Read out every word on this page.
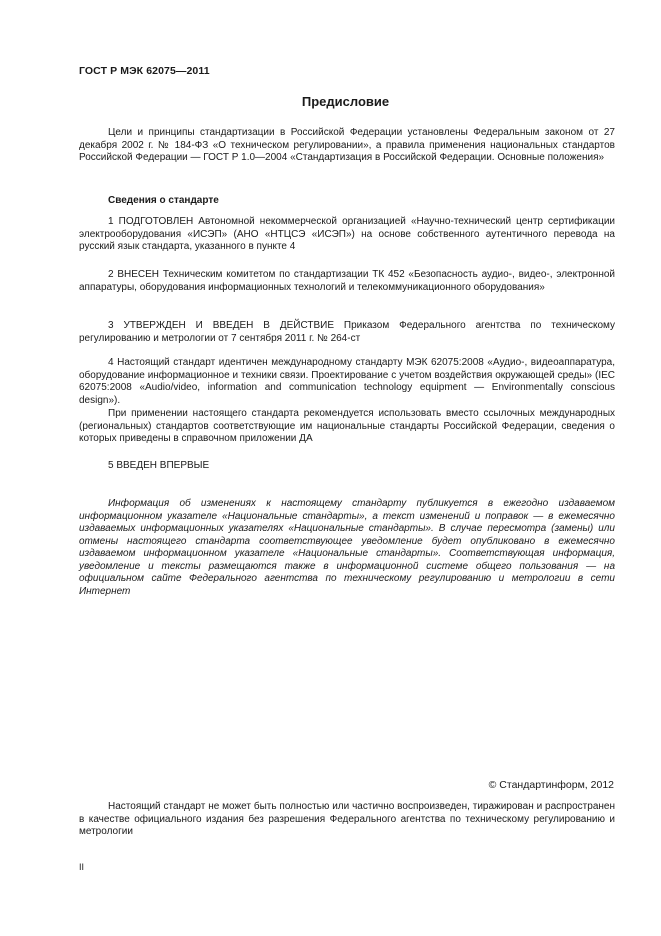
ГОСТ Р МЭК 62075—2011
Предисловие

Цели и принципы стандартизации в Российской Федерации установлены Федеральным законом от 27 декабря 2002 г. № 184-ФЗ «О техническом регулировании», а правила применения национальных стандартов Российской Федерации — ГОСТ Р 1.0—2004 «Стандартизация в Российской Федерации. Основные положения»

Сведения о стандарте

1 ПОДГОТОВЛЕН Автономной некоммерческой организацией «Научно-технический центр сертификации электрооборудования «ИСЭП» (АНО «НТЦСЭ «ИСЭП») на основе собственного аутентичного перевода на русский язык стандарта, указанного в пункте 4

2 ВНЕСЕН Техническим комитетом по стандартизации ТК 452 «Безопасность аудио-, видео-, электронной аппаратуры, оборудования информационных технологий и телекоммуникационного оборудования»

3 УТВЕРЖДЕН И ВВЕДЕН В ДЕЙСТВИЕ Приказом Федерального агентства по техническому регулированию и метрологии от 7 сентября 2011 г. № 264-ст

4 Настоящий стандарт идентичен международному стандарту МЭК 62075:2008 «Аудио-, видеоаппаратура, оборудование информационное и техники связи. Проектирование с учетом воздействия окружающей среды» (IEC 62075:2008 «Audio/video, information and communication technology equipment — Environmentally conscious design»).

При применении настоящего стандарта рекомендуется использовать вместо ссылочных международных (региональных) стандартов соответствующие им национальные стандарты Российской Федерации, сведения о которых приведены в справочном приложении ДА

5 ВВЕДЕН ВПЕРВЫЕ

Информация об изменениях к настоящему стандарту публикуется в ежегодно издаваемом информационном указателе «Национальные стандарты», а текст изменений и поправок — в ежемесячно издаваемых информационных указателях «Национальные стандарты». В случае пересмотра (замены) или отмены настоящего стандарта соответствующее уведомление будет опубликовано в ежемесячно издаваемом информационном указателе «Национальные стандарты». Соответствующая информация, уведомление и тексты размещаются также в информационной системе общего пользования — на официальном сайте Федерального агентства по техническому регулированию и метрологии в сети Интернет

© Стандартинформ, 2012

Настоящий стандарт не может быть полностью или частично воспроизведен, тиражирован и распространен в качестве официального издания без разрешения Федерального агентства по техническому регулированию и метрологии

II
